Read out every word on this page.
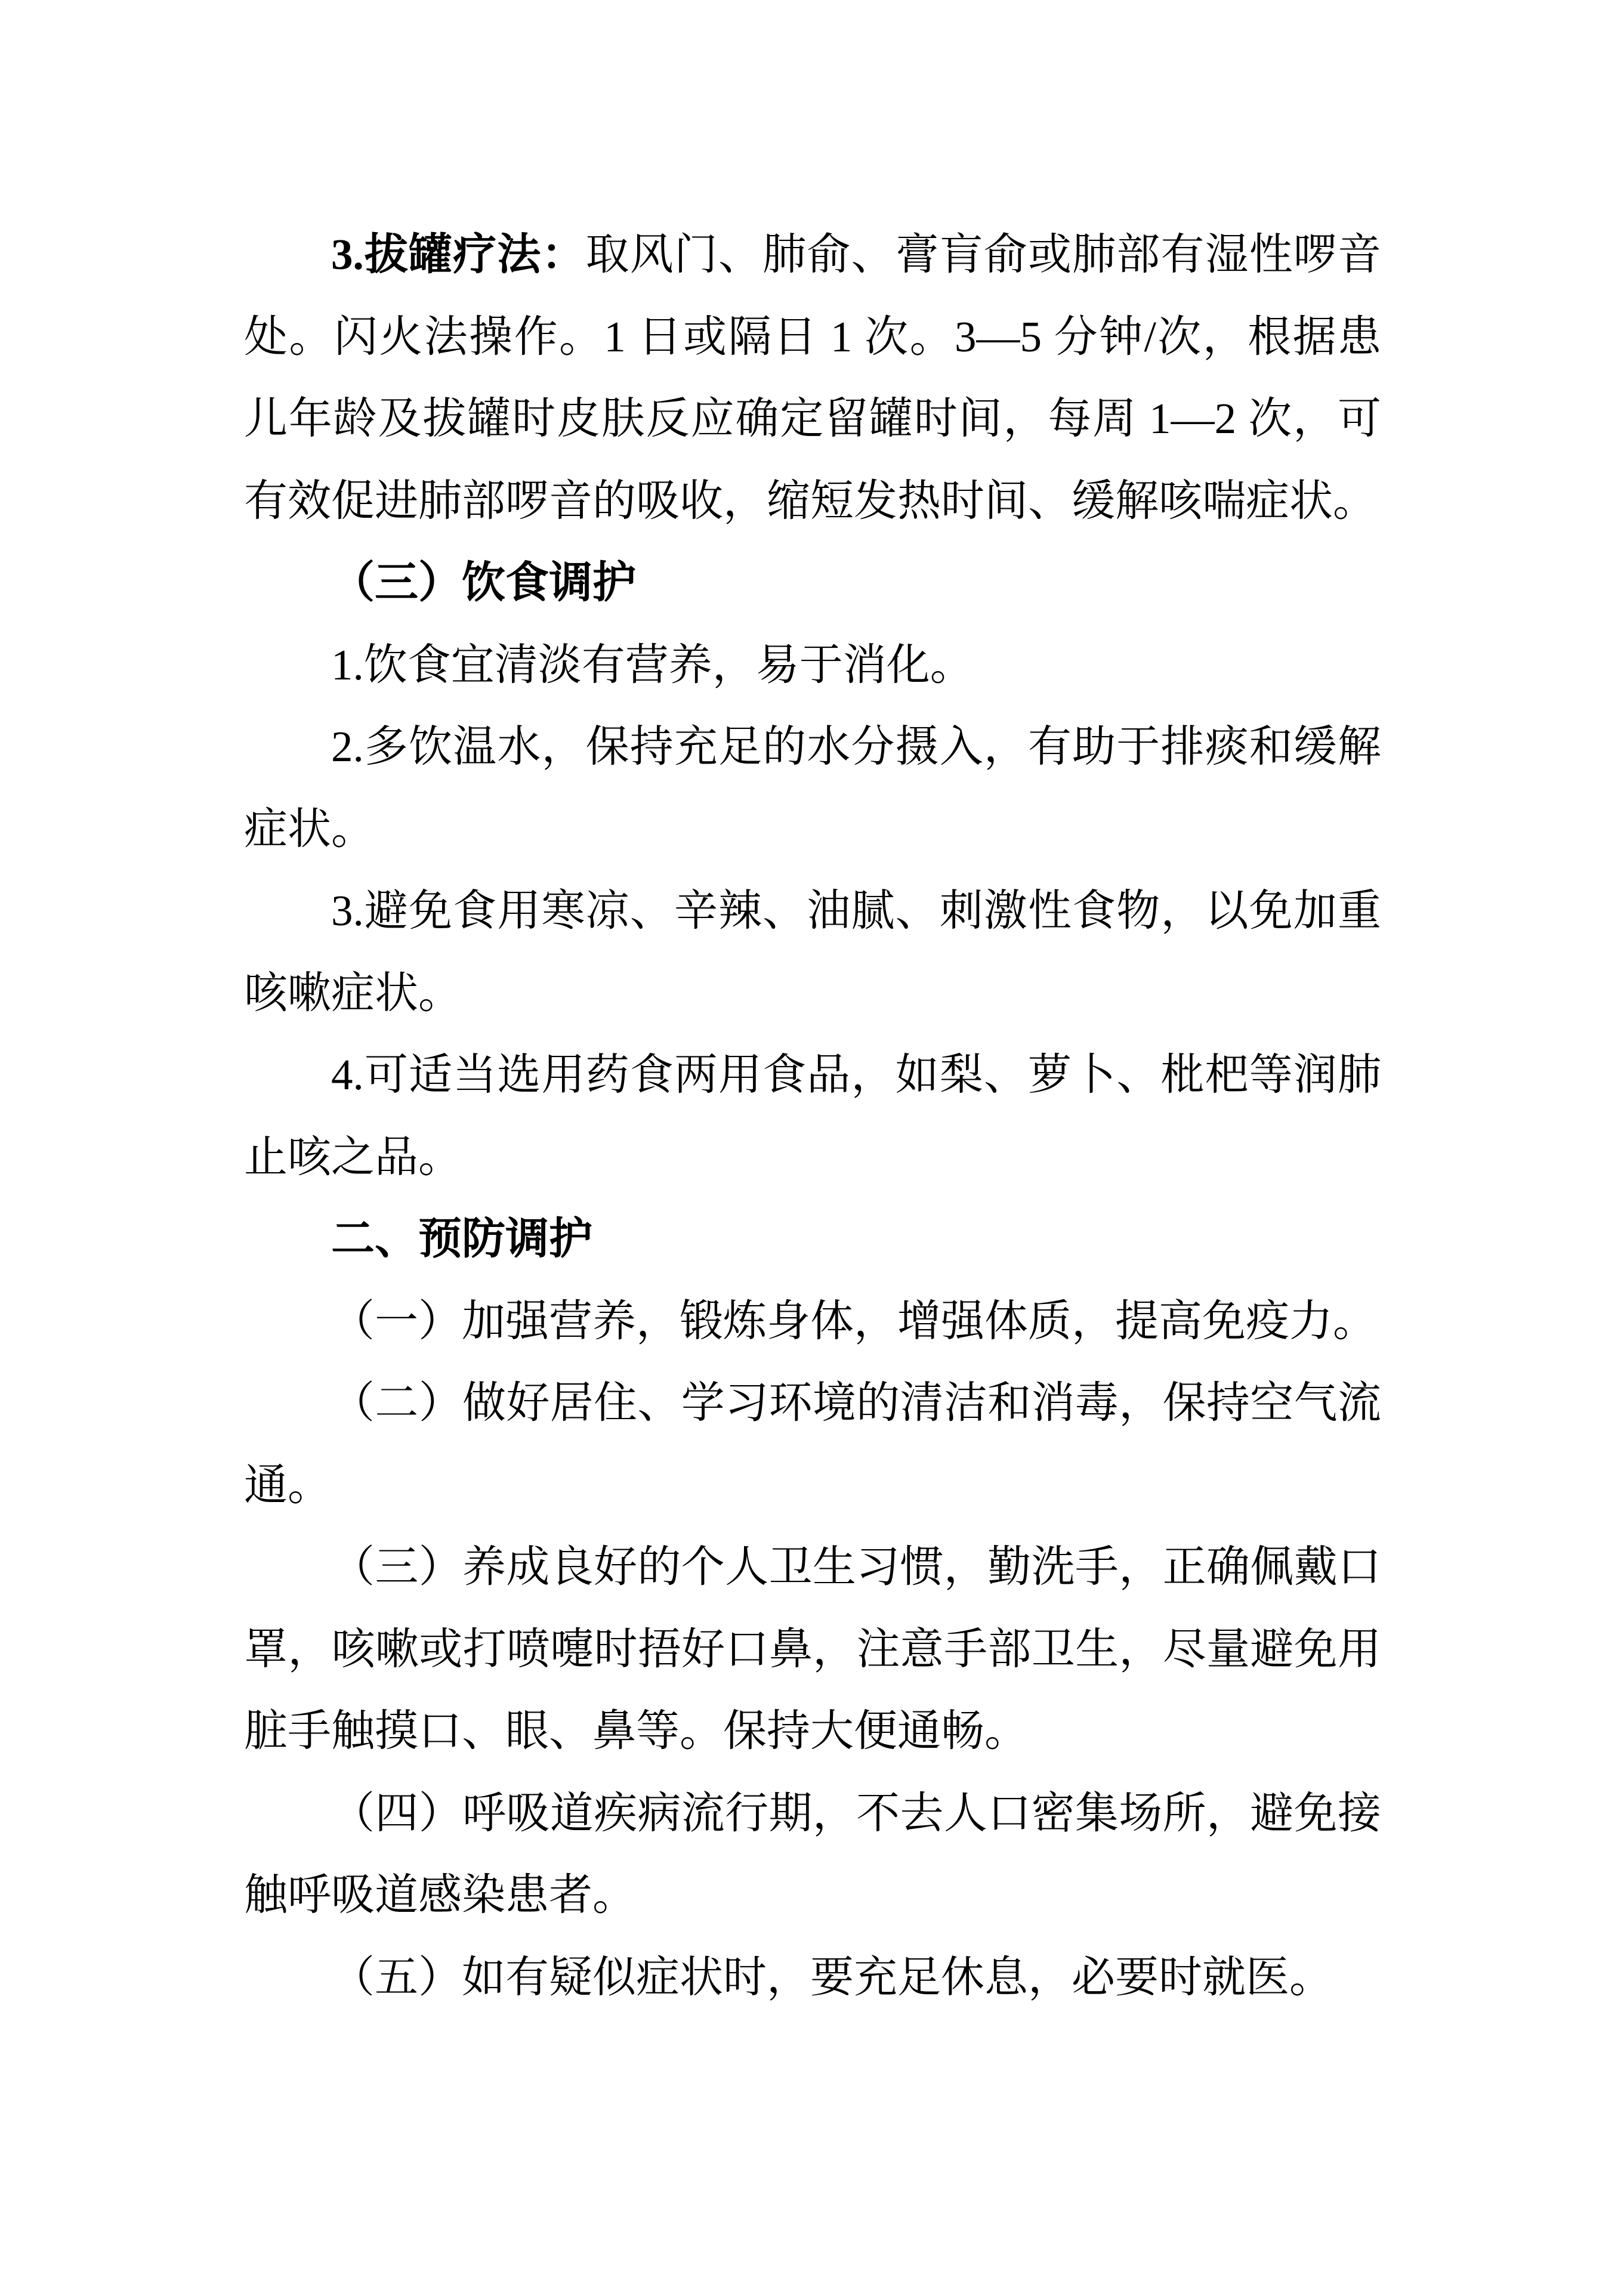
3.拔罐疗法：取风门、肺俞、膏肓俞或肺部有湿性啰音处。闪火法操作。1 日或隔日 1 次。3—5 分钟/次，根据患儿年龄及拔罐时皮肤反应确定留罐时间，每周 1—2 次，可有效促进肺部啰音的吸收，缩短发热时间、缓解咳喘症状。

（三）饮食调护

1.饮食宜清淡有营养，易于消化。

2.多饮温水，保持充足的水分摄入，有助于排痰和缓解症状。

3.避免食用寒凉、辛辣、油腻、刺激性食物，以免加重咳嗽症状。

4.可适当选用药食两用食品，如梨、萝卜、枇杷等润肺止咳之品。

二、预防调护

（一）加强营养，锻炼身体，增强体质，提高免疫力。

（二）做好居住、学习环境的清洁和消毒，保持空气流通。

（三）养成良好的个人卫生习惯，勤洗手，正确佩戴口罩，咳嗽或打喷嚏时捂好口鼻，注意手部卫生，尽量避免用脏手触摸口、眼、鼻等。保持大便通畅。

（四）呼吸道疾病流行期，不去人口密集场所，避免接触呼吸道感染患者。

（五）如有疑似症状时，要充足休息，必要时就医。
